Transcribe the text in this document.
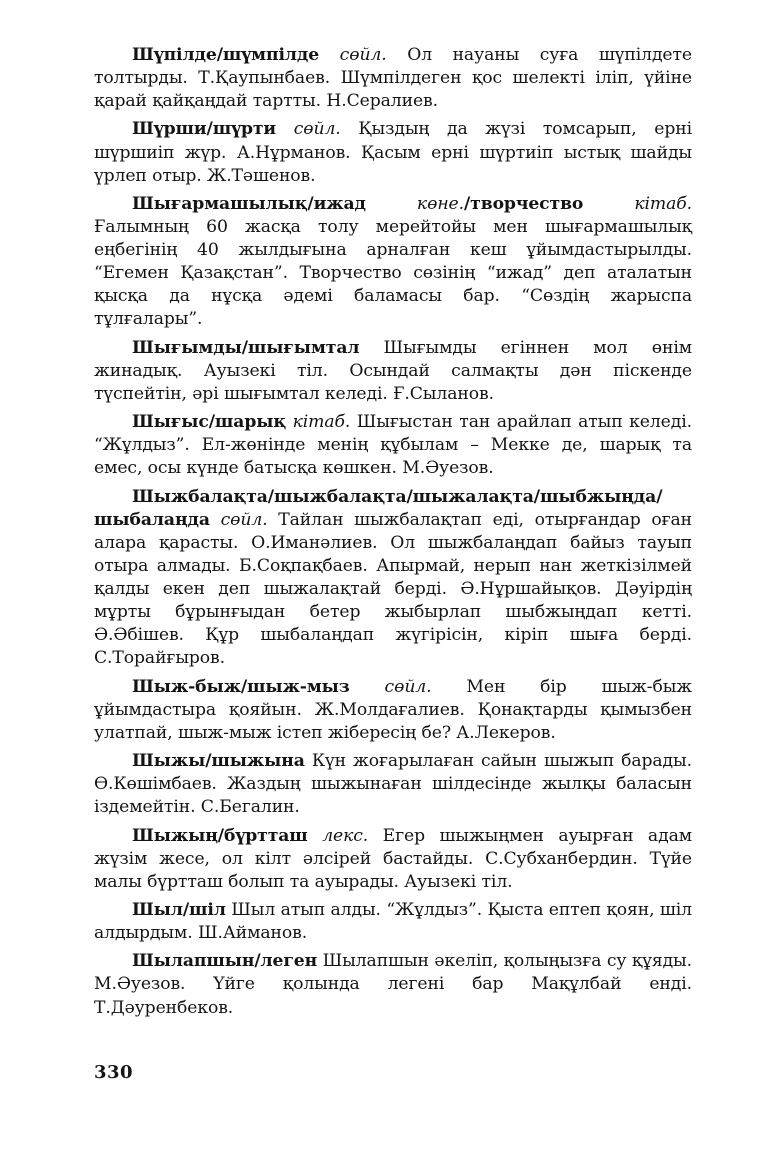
Шүпілде/шүмпілде сөйл. Ол науаны суға шүпілдете толтырды. Т.Қаупынбаев. Шүмпілдеген қос шелекті іліп, үйіне қарай қайқаңдай тартты. Н.Сералиев.

Шүрши/шүрти сөйл. Қыздың да жүзі томсарып, ерні шүршиіп жүр. А.Нұрманов. Қасым ерні шүртиіп ыстық шайды үрлеп отыр. Ж.Тәшенов.

Шығармашылық/ижад	көне./творчество	кітаб. Ғалымның 60 жасқа толу мерейтойы мен шығармашылық еңбегінің 40 жылдығына арналған кеш ұйымдастырылды. “Егемен Қазақстан”. Творчество сөзінің “ижад” деп аталатын қысқа да нұсқа әдемі баламасы бар. “Сөздің жарыспа тұлғалары”.

Шығымды/шығымтал Шығымды егіннен мол өнім жинадық. Ауызекі тіл. Осындай салмақты дән піскенде түспейтін, әрі шығымтал келеді. Ғ.Сыланов.

Шығыс/шарық кітаб. Шығыстан тан арайлап атып келеді. “Жұлдыз”. Ел-жөнінде менің құбылам – Мекке де, шарық та емес, осы күнде батысқа көшкен. М.Әуезов.

Шыжбалақта/шыжбалақта/шыжалақта/шыбжыңда/шыбалаңда сөйл. Тайлан шыжбалақтап еді, отырғандар оған алара қарасты. О.Иманәлиев. Ол шыжбалаңдап байыз тауып отыра алмады. Б.Соқпақбаев. Апырмай, нерып нан жеткізілмей қалды екен деп шыжалақтай берді. Ә.Нұршайықов. Дәуірдің мұрты бұрынғыдан бетер жыбырлап шыбжыңдап кетті. Ә.Әбішев. Құр шыбалаңдап жүгірісін, кіріп шыға берді. С.Торайғыров.

Шыж-быж/шыж-мыз сөйл. Мен бір шыж-быж ұйымдастыра қояйын. Ж.Молдағалиев. Қонақтарды қымызбен улатпай, шыж-мыж істеп жібересің бе? А.Лекеров.

Шыжы/шыжына Күн жоғарылаған сайын шыжып барады. Ө.Көшімбаев. Жаздың шыжынаған шілдесінде жылқы баласын іздемейтін. С.Бегалин.

Шыжың/бүртташ лекс. Егер шыжыңмен ауырған адам жүзім жесе, ол кілт әлсірей бастайды. С.Субханбердин. Түйе малы бүртташ болып та ауырады. Ауызекі тіл.

Шыл/шіл Шыл атып алды. “Жұлдыз”. Қыста ептеп қоян, шіл алдырдым. Ш.Айманов.

Шылапшын/леген Шылапшын әкеліп, қолыңызға су құяды. М.Әуезов. Үйге қолында легені бар Мақұлбай енді. Т.Дәуренбеков.

330
